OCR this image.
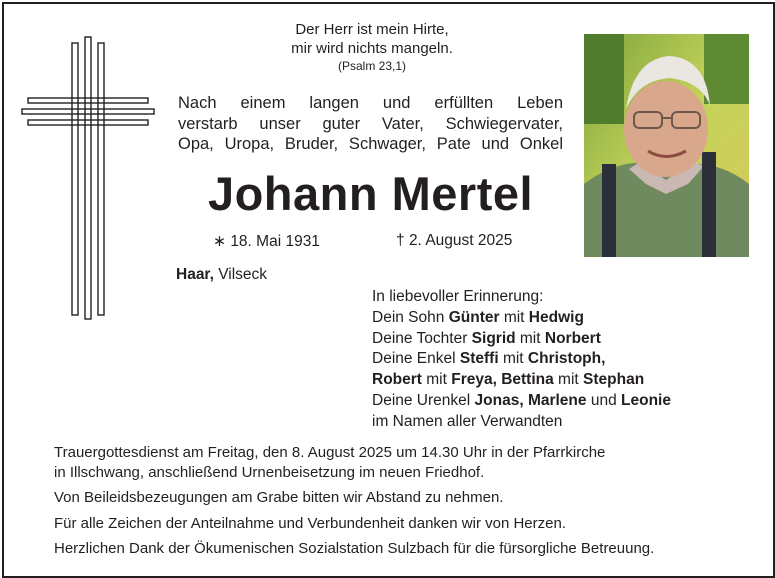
Der Herr ist mein Hirte,
mir wird nichts mangeln.
(Psalm 23,1)
Nach einem langen und erfüllten Leben
verstarb unser guter Vater, Schwiegervater,
Opa, Uropa, Bruder, Schwager, Pate und Onkel
Johann Mertel
∗ 18. Mai 1931	† 2. August 2025
Haar, Vilseck
In liebevoller Erinnerung:
Dein Sohn Günter mit Hedwig
Deine Tochter Sigrid mit Norbert
Deine Enkel Steffi mit Christoph,
Robert mit Freya, Bettina mit Stephan
Deine Urenkel Jonas, Marlene und Leonie
im Namen aller Verwandten

Trauergottesdienst am Freitag, den 8. August 2025 um 14.30 Uhr in der Pfarrkirche
in Illschwang, anschließend Urnenbeisetzung im neuen Friedhof.

Von Beileidsbezeugungen am Grabe bitten wir Abstand zu nehmen.

Für alle Zeichen der Anteilnahme und Verbundenheit danken wir von Herzen.

Herzlichen Dank der Ökumenischen Sozialstation Sulzbach für die fürsorgliche Betreuung.
